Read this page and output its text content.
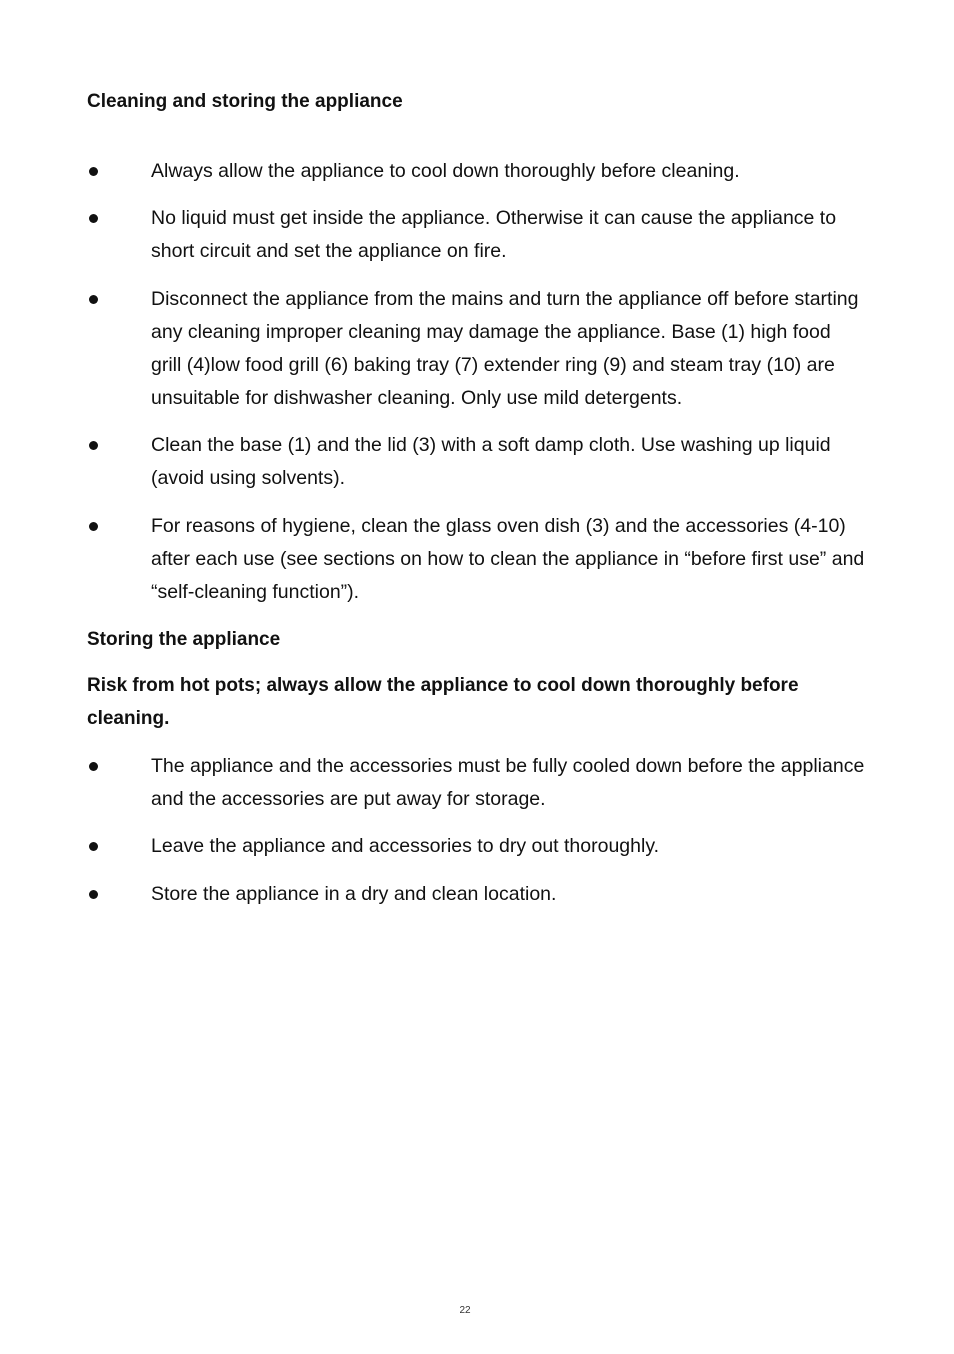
Cleaning and storing the appliance
Always allow the appliance to cool down thoroughly before cleaning.
No liquid must get inside the appliance. Otherwise it can cause the appliance to short circuit and set the appliance on fire.
Disconnect the appliance from the mains and turn the appliance off before starting any cleaning improper cleaning may damage the appliance. Base (1) high food grill (4)low food grill (6) baking tray (7) extender ring (9) and steam tray (10) are unsuitable for dishwasher cleaning. Only use mild detergents.
Clean the base (1) and the lid (3) with a soft damp cloth. Use washing up liquid (avoid using solvents).
For reasons of hygiene, clean the glass oven dish (3) and the accessories (4-10) after each use (see sections on how to clean the appliance in “before first use” and “self-cleaning function”).
Storing the appliance
Risk from hot pots; always allow the appliance to cool down thoroughly before cleaning.
The appliance and the accessories must be fully cooled down before the appliance and the accessories are put away for storage.
Leave the appliance and accessories to dry out thoroughly.
Store the appliance in a dry and clean location.
22
